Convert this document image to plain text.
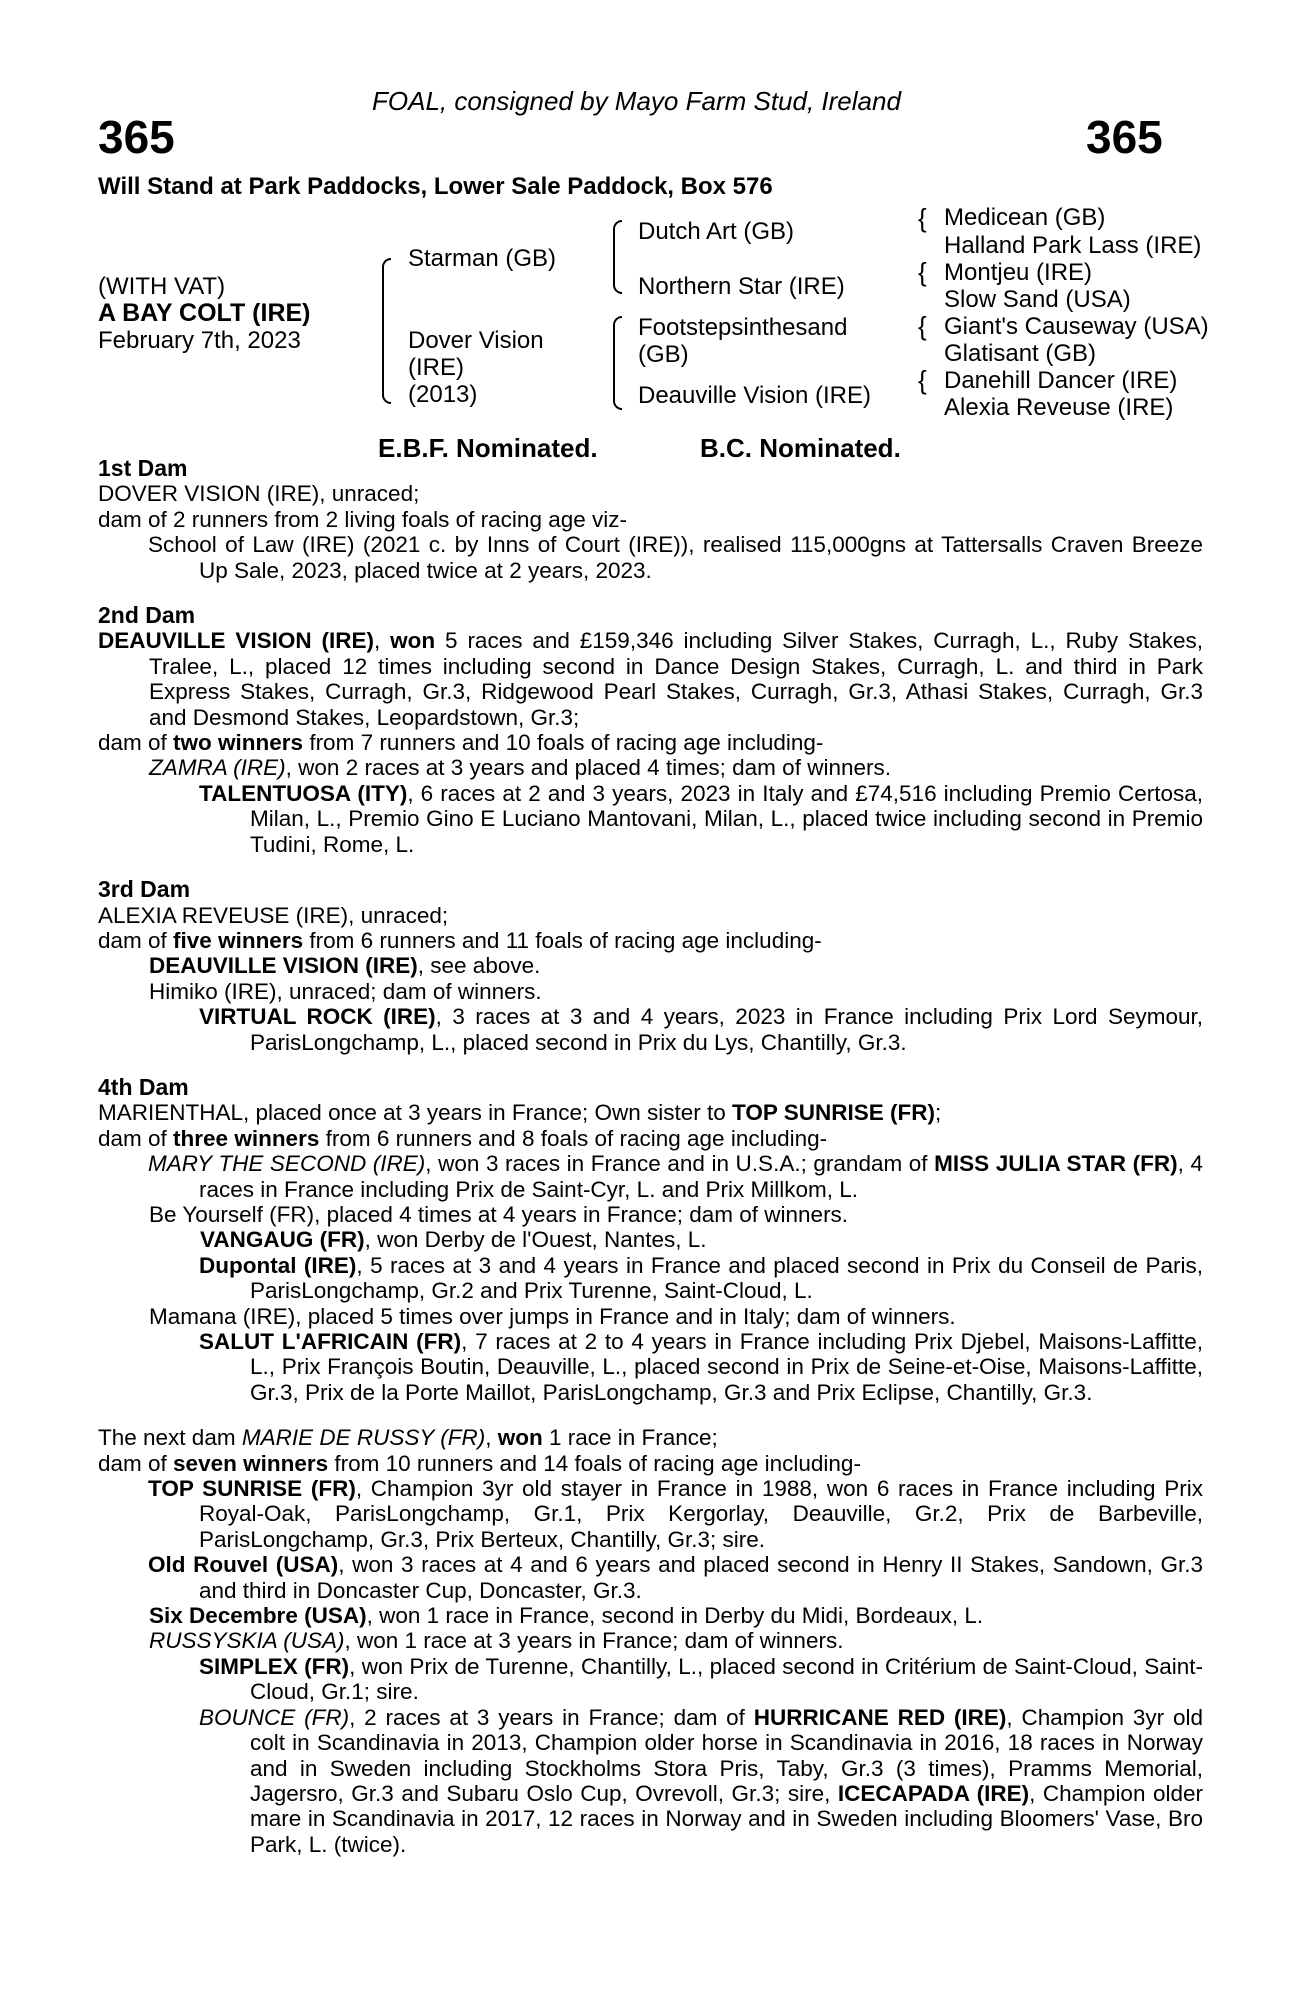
FOAL, consigned by Mayo Farm Stud, Ireland
365	365
Will Stand at Park Paddocks, Lower Sale Paddock, Box 576
(WITH VAT)
A BAY COLT (IRE)
February 7th, 2023
Starman (GB)
Dover Vision
(IRE)
(2013)
Dutch Art (GB)
Northern Star (IRE)
Footstepsinthesand
(GB)
Deauville Vision (IRE)
{ Medicean (GB)
Halland Park Lass (IRE)
{ Montjeu (IRE)
Slow Sand (USA)
{ Giant's Causeway (USA)
Glatisant (GB)
{ Danehill Dancer (IRE)
Alexia Reveuse (IRE)
E.B.F. Nominated.	B.C. Nominated.

1st Dam

DOVER VISION (IRE), unraced;

dam of 2 runners from 2 living foals of racing age viz-

School of Law (IRE) (2021 c. by Inns of Court (IRE)), realised 115,000gns at Tattersalls Craven Breeze Up Sale, 2023, placed twice at 2 years, 2023.

2nd Dam

DEAUVILLE VISION (IRE), won 5 races and £159,346 including Silver Stakes, Curragh, L., Ruby Stakes, Tralee, L., placed 12 times including second in Dance Design Stakes, Curragh, L. and third in Park Express Stakes, Curragh, Gr.3, Ridgewood Pearl Stakes, Curragh, Gr.3, Athasi Stakes, Curragh, Gr.3 and Desmond Stakes, Leopardstown, Gr.3;

dam of two winners from 7 runners and 10 foals of racing age including-

ZAMRA (IRE), won 2 races at 3 years and placed 4 times; dam of winners.

TALENTUOSA (ITY), 6 races at 2 and 3 years, 2023 in Italy and £74,516 including Premio Certosa, Milan, L., Premio Gino E Luciano Mantovani, Milan, L., placed twice including second in Premio Tudini, Rome, L.

3rd Dam

ALEXIA REVEUSE (IRE), unraced;

dam of five winners from 6 runners and 11 foals of racing age including-

DEAUVILLE VISION (IRE), see above.

Himiko (IRE), unraced; dam of winners.

VIRTUAL ROCK (IRE), 3 races at 3 and 4 years, 2023 in France including Prix Lord Seymour, ParisLongchamp, L., placed second in Prix du Lys, Chantilly, Gr.3.

4th Dam

MARIENTHAL, placed once at 3 years in France; Own sister to TOP SUNRISE (FR);

dam of three winners from 6 runners and 8 foals of racing age including-

MARY THE SECOND (IRE), won 3 races in France and in U.S.A.; grandam of MISS JULIA STAR (FR), 4 races in France including Prix de Saint-Cyr, L. and Prix Millkom, L.

Be Yourself (FR), placed 4 times at 4 years in France; dam of winners.

VANGAUG (FR), won Derby de l'Ouest, Nantes, L.

Dupontal (IRE), 5 races at 3 and 4 years in France and placed second in Prix du Conseil de Paris, ParisLongchamp, Gr.2 and Prix Turenne, Saint-Cloud, L.

Mamana (IRE), placed 5 times over jumps in France and in Italy; dam of winners.

SALUT L'AFRICAIN (FR), 7 races at 2 to 4 years in France including Prix Djebel, Maisons-Laffitte, L., Prix François Boutin, Deauville, L., placed second in Prix de Seine-et-Oise, Maisons-Laffitte, Gr.3, Prix de la Porte Maillot, ParisLongchamp, Gr.3 and Prix Eclipse, Chantilly, Gr.3.

The next dam MARIE DE RUSSY (FR), won 1 race in France;

dam of seven winners from 10 runners and 14 foals of racing age including-

TOP SUNRISE (FR), Champion 3yr old stayer in France in 1988, won 6 races in France including Prix Royal-Oak, ParisLongchamp, Gr.1, Prix Kergorlay, Deauville, Gr.2, Prix de Barbeville, ParisLongchamp, Gr.3, Prix Berteux, Chantilly, Gr.3; sire.

Old Rouvel (USA), won 3 races at 4 and 6 years and placed second in Henry II Stakes, Sandown, Gr.3 and third in Doncaster Cup, Doncaster, Gr.3.

Six Decembre (USA), won 1 race in France, second in Derby du Midi, Bordeaux, L.

RUSSYSKIA (USA), won 1 race at 3 years in France; dam of winners.

SIMPLEX (FR), won Prix de Turenne, Chantilly, L., placed second in Critérium de Saint-Cloud, Saint-Cloud, Gr.1; sire.

BOUNCE (FR), 2 races at 3 years in France; dam of HURRICANE RED (IRE), Champion 3yr old colt in Scandinavia in 2013, Champion older horse in Scandinavia in 2016, 18 races in Norway and in Sweden including Stockholms Stora Pris, Taby, Gr.3 (3 times), Pramms Memorial, Jagersro, Gr.3 and Subaru Oslo Cup, Ovrevoll, Gr.3; sire, ICECAPADA (IRE), Champion older mare in Scandinavia in 2017, 12 races in Norway and in Sweden including Bloomers' Vase, Bro Park, L. (twice).
